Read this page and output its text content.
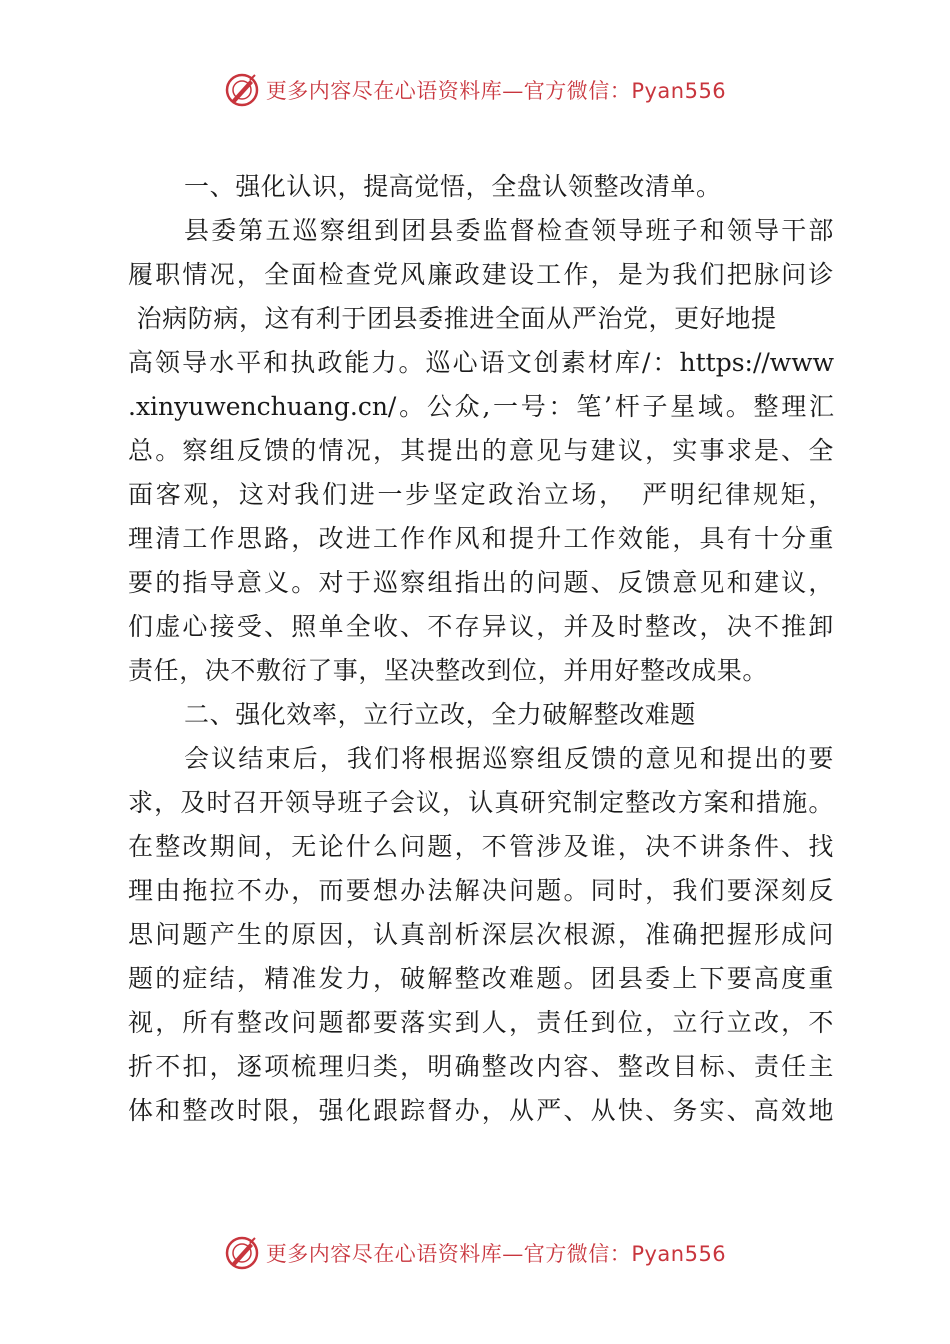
更多内容尽在心语资料库—官方微信：Pyan556
一、强化认识，提高觉悟，全盘认领整改清单。
县委第五巡察组到团县委监督检查领导班子和领导干部
履职情况，全面检查党风廉政建设工作，是为我们把脉问诊
治病防病，这有利于团县委推进全面从严治党，更好地提
高领导水平和执政能力。巡心语文创素材库/：https://www
.xinyuwenchuang.cn/。公众,一号：笔’杆子星域。整理汇
总。察组反馈的情况，其提出的意见与建议，实事求是、全
面客观，这对我们进一步坚定政治立场，　严明纪律规矩，
理清工作思路，改进工作作风和提升工作效能，具有十分重
要的指导意义。对于巡察组指出的问题、反馈意见和建议，
们虚心接受、照单全收、不存异议，并及时整改，决不推卸
责任，决不敷衍了事，坚决整改到位，并用好整改成果。
二、强化效率，立行立改，全力破解整改难题
会议结束后，我们将根据巡察组反馈的意见和提出的要
求，及时召开领导班子会议，认真研究制定整改方案和措施。
在整改期间，无论什么问题，不管涉及谁，决不讲条件、找
理由拖拉不办，而要想办法解决问题。同时，我们要深刻反
思问题产生的原因，认真剖析深层次根源，准确把握形成问
题的症结，精准发力，破解整改难题。团县委上下要高度重
视，所有整改问题都要落实到人，责任到位，立行立改，不
折不扣，逐项梳理归类，明确整改内容、整改目标、责任主
体和整改时限，强化跟踪督办，从严、从快、务实、高效地
更多内容尽在心语资料库—官方微信：Pyan556
